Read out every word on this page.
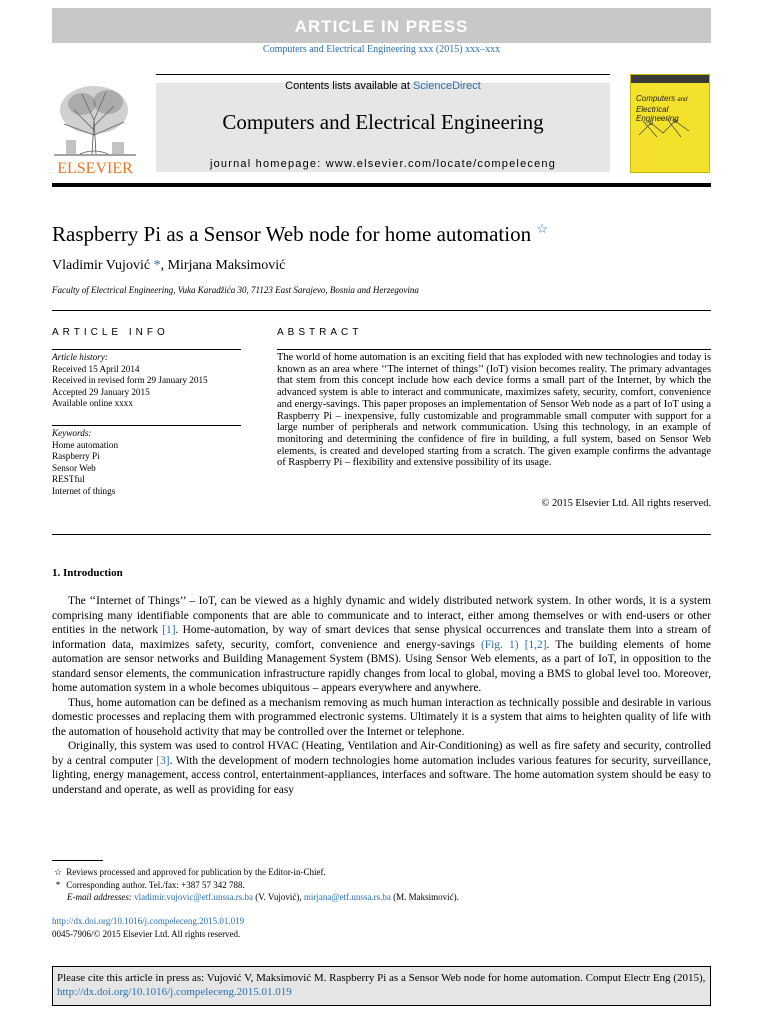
ARTICLE IN PRESS
Computers and Electrical Engineering xxx (2015) xxx–xxx
ELSEVIER
Contents lists available at ScienceDirect
Computers and Electrical Engineering
journal homepage: www.elsevier.com/locate/compeleceng
Computers and
Electrical Engineering
Raspberry Pi as a Sensor Web node for home automation ☆
Vladimir Vujović *, Mirjana Maksimović
Faculty of Electrical Engineering, Vuka Karadžića 30, 71123 East Sarajevo, Bosnia and Herzegovina
ARTICLE INFO
Article history:
Received 15 April 2014
Received in revised form 29 January 2015
Accepted 29 January 2015
Available online xxxx
Keywords:
Home automation
Raspberry Pi
Sensor Web
RESTful
Internet of things
ABSTRACT
The world of home automation is an exciting field that has exploded with new technologies and today is known as an area where ‘‘The internet of things’’ (IoT) vision becomes reality. The primary advantages that stem from this concept include how each device forms a small part of the Internet, by which the advanced system is able to interact and communicate, maximizes safety, security, comfort, convenience and energy-savings. This paper proposes an implementation of Sensor Web node as a part of IoT using a Raspberry Pi – inexpensive, fully customizable and programmable small computer with support for a large number of peripherals and network communication. Using this technology, in an example of monitoring and determining the confidence of fire in building, a full system, based on Sensor Web elements, is created and developed starting from a scratch. The given example confirms the advantage of Raspberry Pi – flexibility and extensive possibility of its usage.
© 2015 Elsevier Ltd. All rights reserved.
1. Introduction

The ‘‘Internet of Things’’ – IoT, can be viewed as a highly dynamic and widely distributed network system. In other words, it is a system comprising many identifiable components that are able to communicate and to interact, either among themselves or with end-users or other entities in the network [1]. Home-automation, by way of smart devices that sense physical occurrences and translate them into a stream of information data, maximizes safety, security, comfort, convenience and energy-savings (Fig. 1) [1,2]. The building elements of home automation are sensor networks and Building Management System (BMS). Using Sensor Web elements, as a part of IoT, in opposition to the standard sensor elements, the communication infrastructure rapidly changes from local to global, moving a BMS to global level too. Moreover, home automation system in a whole becomes ubiquitous – appears everywhere and anywhere.

Thus, home automation can be defined as a mechanism removing as much human interaction as technically possible and desirable in various domestic processes and replacing them with programmed electronic systems. Ultimately it is a system that aims to heighten quality of life with the automation of household activity that may be controlled over the Internet or telephone.

Originally, this system was used to control HVAC (Heating, Ventilation and Air-Conditioning) as well as fire safety and security, controlled by a central computer [3]. With the development of modern technologies home automation includes various features for security, surveillance, lighting, energy management, access control, entertainment-appliances, interfaces and software. The home automation system should be easy to understand and operate, as well as providing for easy

☆ Reviews processed and approved for publication by the Editor-in-Chief.
* Corresponding author. Tel./fax: +387 57 342 788.
E-mail addresses: vladimir.vujovic@etf.unssa.rs.ba (V. Vujović), mirjana@etf.unssa.rs.ba (M. Maksimović).
http://dx.doi.org/10.1016/j.compeleceng.2015.01.019
0045-7906/© 2015 Elsevier Ltd. All rights reserved.
Please cite this article in press as: Vujović V, Maksimović M. Raspberry Pi as a Sensor Web node for home automation. Comput Electr Eng (2015), http://dx.doi.org/10.1016/j.compeleceng.2015.01.019
